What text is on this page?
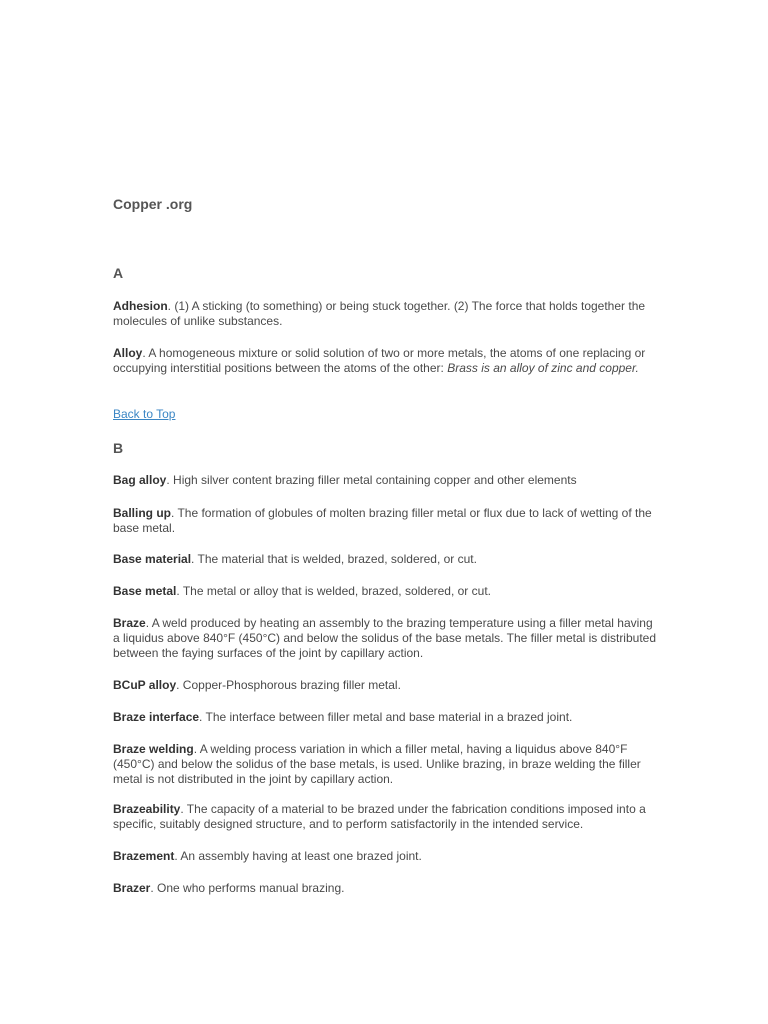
Copper .org
A

Adhesion. (1) A sticking (to something) or being stuck together. (2) The force that holds together the molecules of unlike substances.

Alloy. A homogeneous mixture or solid solution of two or more metals, the atoms of one replacing or occupying interstitial positions between the atoms of the other: Brass is an alloy of zinc and copper.

Back to Top
B

Bag alloy. High silver content brazing filler metal containing copper and other elements

Balling up. The formation of globules of molten brazing filler metal or flux due to lack of wetting of the base metal.

Base material. The material that is welded, brazed, soldered, or cut.

Base metal. The metal or alloy that is welded, brazed, soldered, or cut.

Braze. A weld produced by heating an assembly to the brazing temperature using a filler metal having a liquidus above 840°F (450°C) and below the solidus of the base metals. The filler metal is distributed between the faying surfaces of the joint by capillary action.

BCuP alloy. Copper-Phosphorous brazing filler metal.

Braze interface. The interface between filler metal and base material in a brazed joint.

Braze welding. A welding process variation in which a filler metal, having a liquidus above 840°F (450°C) and below the solidus of the base metals, is used. Unlike brazing, in braze welding the filler metal is not distributed in the joint by capillary action.

Brazeability. The capacity of a material to be brazed under the fabrication conditions imposed into a specific, suitably designed structure, and to perform satisfactorily in the intended service.

Brazement. An assembly having at least one brazed joint.

Brazer. One who performs manual brazing.
